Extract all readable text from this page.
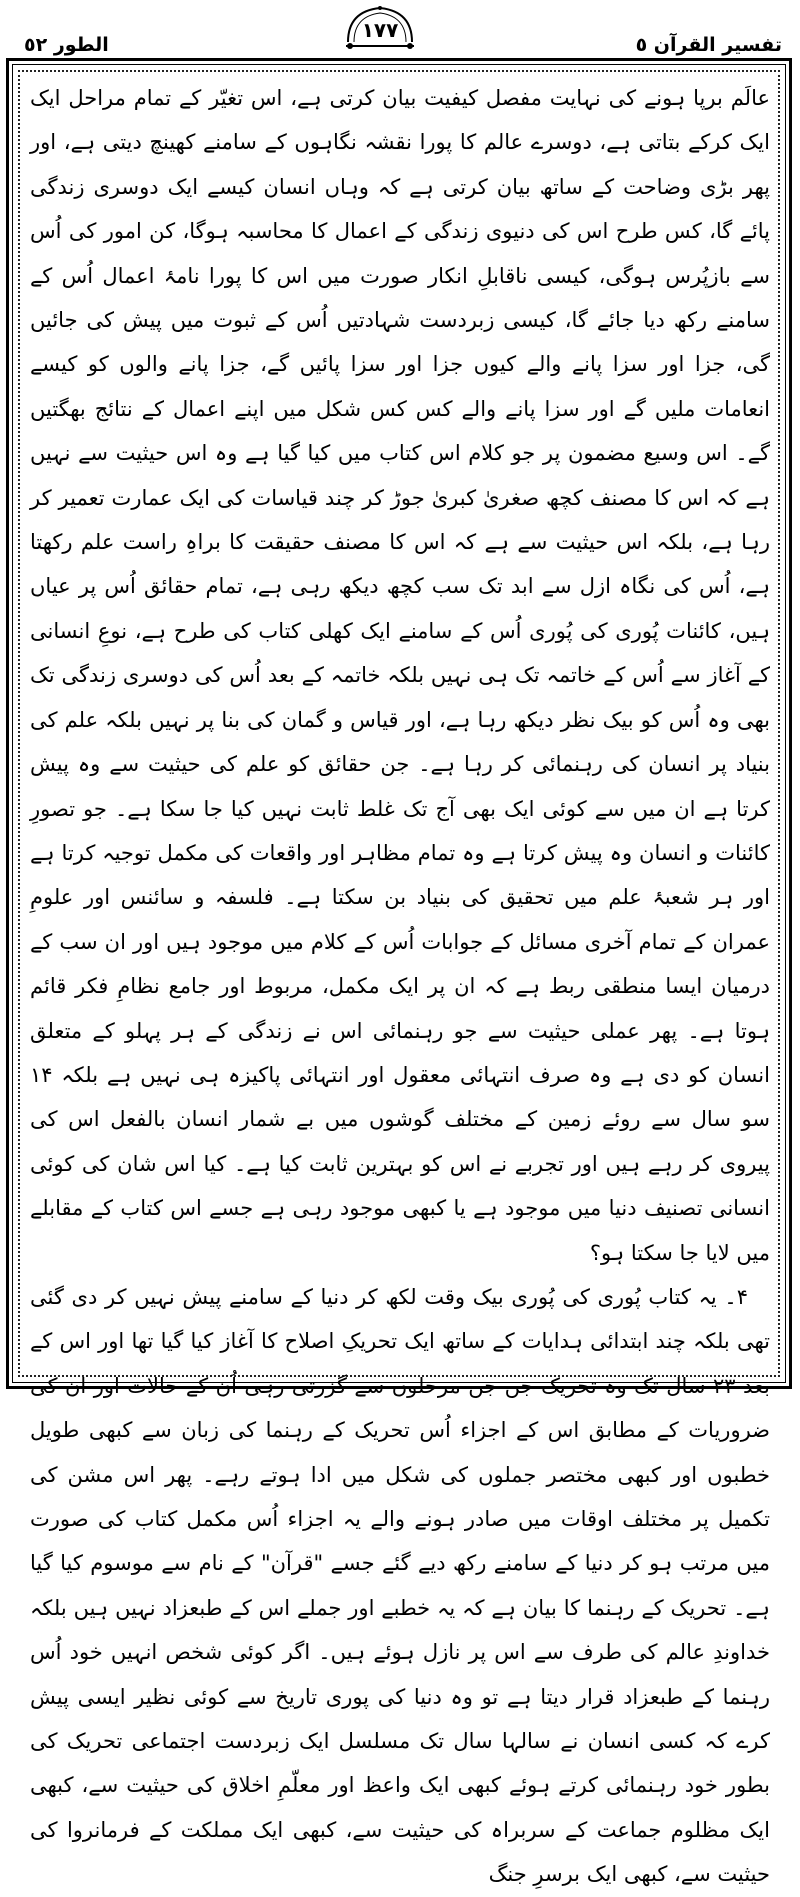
تفسیر القرآن ٥
١٧٧
الطور ٥٢

عالَم برپا ہونے کی نہایت مفصل کیفیت بیان کرتی ہے، اس تغیّر کے تمام مراحل ایک ایک کرکے بتاتی ہے، دوسرے عالم کا پورا نقشہ نگاہوں کے سامنے کھینچ دیتی ہے، اور پھر بڑی وضاحت کے ساتھ بیان کرتی ہے کہ وہاں انسان کیسے ایک دوسری زندگی پائے گا، کس طرح اس کی دنیوی زندگی کے اعمال کا محاسبہ ہوگا، کن امور کی اُس سے بازپُرس ہوگی، کیسی ناقابلِ انکار صورت میں اس کا پورا نامۂ اعمال اُس کے سامنے رکھ دیا جائے گا، کیسی زبردست شہادتیں اُس کے ثبوت میں پیش کی جائیں گی، جزا اور سزا پانے والے کیوں جزا اور سزا پائیں گے، جزا پانے والوں کو کیسے انعامات ملیں گے اور سزا پانے والے کس کس شکل میں اپنے اعمال کے نتائج بھگتیں گے۔ اس وسیع مضمون پر جو کلام اس کتاب میں کیا گیا ہے وہ اس حیثیت سے نہیں ہے کہ اس کا مصنف کچھ صغریٰ کبریٰ جوڑ کر چند قیاسات کی ایک عمارت تعمیر کر رہا ہے، بلکہ اس حیثیت سے ہے کہ اس کا مصنف حقیقت کا براہِ راست علم رکھتا ہے، اُس کی نگاہ ازل سے ابد تک سب کچھ دیکھ رہی ہے، تمام حقائق اُس پر عیاں ہیں، کائنات پُوری کی پُوری اُس کے سامنے ایک کھلی کتاب کی طرح ہے، نوعِ انسانی کے آغاز سے اُس کے خاتمہ تک ہی نہیں بلکہ خاتمہ کے بعد اُس کی دوسری زندگی تک بھی وہ اُس کو بیک نظر دیکھ رہا ہے، اور قیاس و گمان کی بنا پر نہیں بلکہ علم کی بنیاد پر انسان کی رہنمائی کر رہا ہے۔ جن حقائق کو علم کی حیثیت سے وہ پیش کرتا ہے ان میں سے کوئی ایک بھی آج تک غلط ثابت نہیں کیا جا سکا ہے۔ جو تصورِ کائنات و انسان وہ پیش کرتا ہے وہ تمام مظاہر اور واقعات کی مکمل توجیہ کرتا ہے اور ہر شعبۂ علم میں تحقیق کی بنیاد بن سکتا ہے۔ فلسفہ و سائنس اور علومِ عمران کے تمام آخری مسائل کے جوابات اُس کے کلام میں موجود ہیں اور ان سب کے درمیان ایسا منطقی ربط ہے کہ ان پر ایک مکمل، مربوط اور جامع نظامِ فکر قائم ہوتا ہے۔ پھر عملی حیثیت سے جو رہنمائی اس نے زندگی کے ہر پہلو کے متعلق انسان کو دی ہے وہ صرف انتہائی معقول اور انتہائی پاکیزہ ہی نہیں ہے بلکہ ۱۴ سو سال سے روئے زمین کے مختلف گوشوں میں بے شمار انسان بالفعل اس کی پیروی کر رہے ہیں اور تجربے نے اس کو بہترین ثابت کیا ہے۔ کیا اس شان کی کوئی انسانی تصنیف دنیا میں موجود ہے یا کبھی موجود رہی ہے جسے اس کتاب کے مقابلے میں لایا جا سکتا ہو؟

۴۔ یہ کتاب پُوری کی پُوری بیک وقت لکھ کر دنیا کے سامنے پیش نہیں کر دی گئی تھی بلکہ چند ابتدائی ہدایات کے ساتھ ایک تحریکِ اصلاح کا آغاز کیا گیا تھا اور اس کے بعد ۲۳ سال تک وہ تحریک جن جن مرحلوں سے گزرتی رہی اُن کے حالات اور ان کی ضروریات کے مطابق اس کے اجزاء اُس تحریک کے رہنما کی زبان سے کبھی طویل خطبوں اور کبھی مختصر جملوں کی شکل میں ادا ہوتے رہے۔ پھر اس مشن کی تکمیل پر مختلف اوقات میں صادر ہونے والے یہ اجزاء اُس مکمل کتاب کی صورت میں مرتب ہو کر دنیا کے سامنے رکھ دیے گئے جسے "قرآن" کے نام سے موسوم کیا گیا ہے۔ تحریک کے رہنما کا بیان ہے کہ یہ خطبے اور جملے اس کے طبعزاد نہیں ہیں بلکہ خداوندِ عالم کی طرف سے اس پر نازل ہوئے ہیں۔ اگر کوئی شخص انہیں خود اُس رہنما کے طبعزاد قرار دیتا ہے تو وہ دنیا کی پوری تاریخ سے کوئی نظیر ایسی پیش کرے کہ کسی انسان نے سالہا سال تک مسلسل ایک زبردست اجتماعی تحریک کی بطور خود رہنمائی کرتے ہوئے کبھی ایک واعظ اور معلّمِ اخلاق کی حیثیت سے، کبھی ایک مظلوم جماعت کے سربراہ کی حیثیت سے، کبھی ایک مملکت کے فرمانروا کی حیثیت سے، کبھی ایک برسرِ جنگ
